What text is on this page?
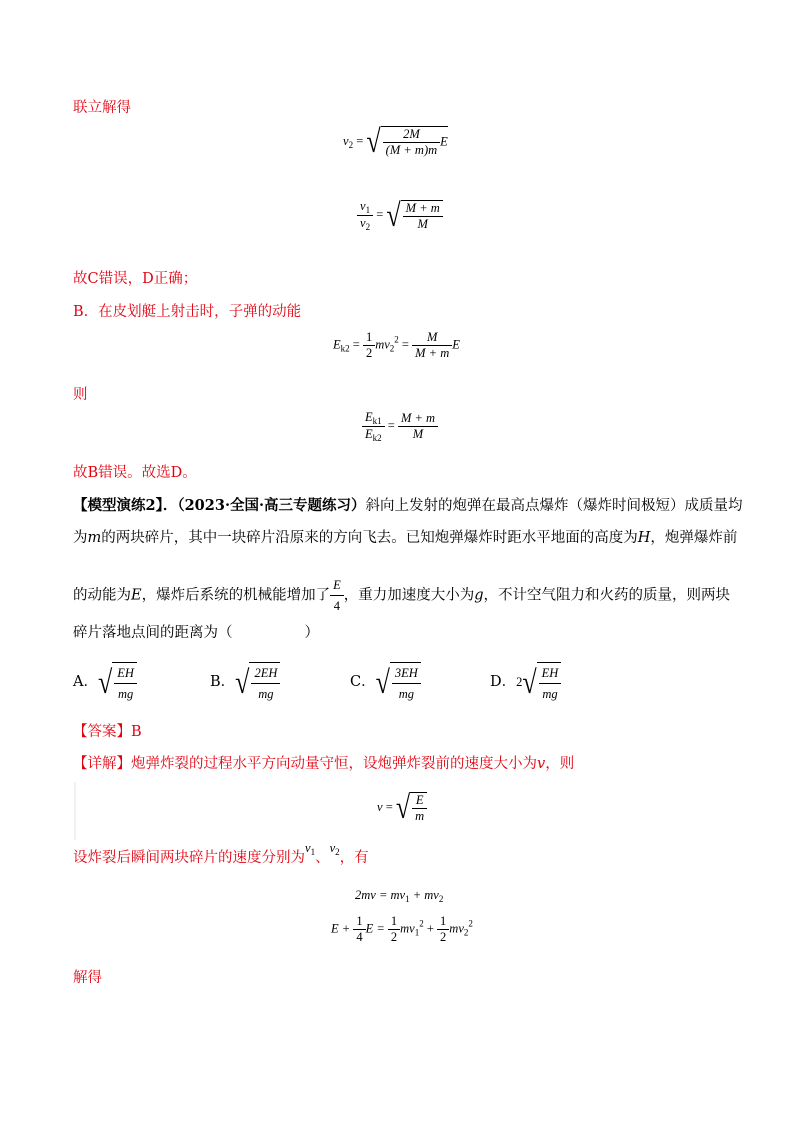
联立解得
$v_2$ = √ $\frac{2M}{(M + m)m}$ E
$\frac{v_1}{v_2}$ = √ $\frac{M + m}{M}$
故C错误，D正确；
B．在皮划艇上射击时，子弹的动能
$E_{k2} = \frac{1}{2} mv_2^2 = \frac{M}{M + m}$ E
则
$\frac{E_{k1}}{E_{k2}} = \frac{M + m}{M}$
故B错误。故选D。
【模型演练2】．（2023·全国·高三专题练习）斜向上发射的炮弹在最高点爆炸（爆炸时间极短）成质量均
为m的两块碎片，其中一块碎片沿原来的方向飞去。已知炮弹爆炸时距水平地面的高度为H，炮弹爆炸前
的动能为E，爆炸后系统的机械能增加了 $\frac{E}{4}$ ，重力加速度大小为g，不计空气阻力和火药的质量，则两块
碎片落地点间的距离为（	）
A．√ $\frac{EH}{mg}$	B．√ $\frac{2EH}{mg}$	C．√ $\frac{3EH}{mg}$	D．$2√ \frac{EH}{mg}$
【答案】B
【详解】炮弹炸裂的过程水平方向动量守恒，设炮弹炸裂前的速度大小为v，则
v = √ $\frac{E}{m}$
设炸裂后瞬间两块碎片的速度分别为$v_1$、$v_2$，有
$2mv = mv_1 + mv_2$
$E + \frac{1}{4}$ $E = \frac{1}{2} mv_1^2 + \frac{1}{2} mv_2^2$
解得
